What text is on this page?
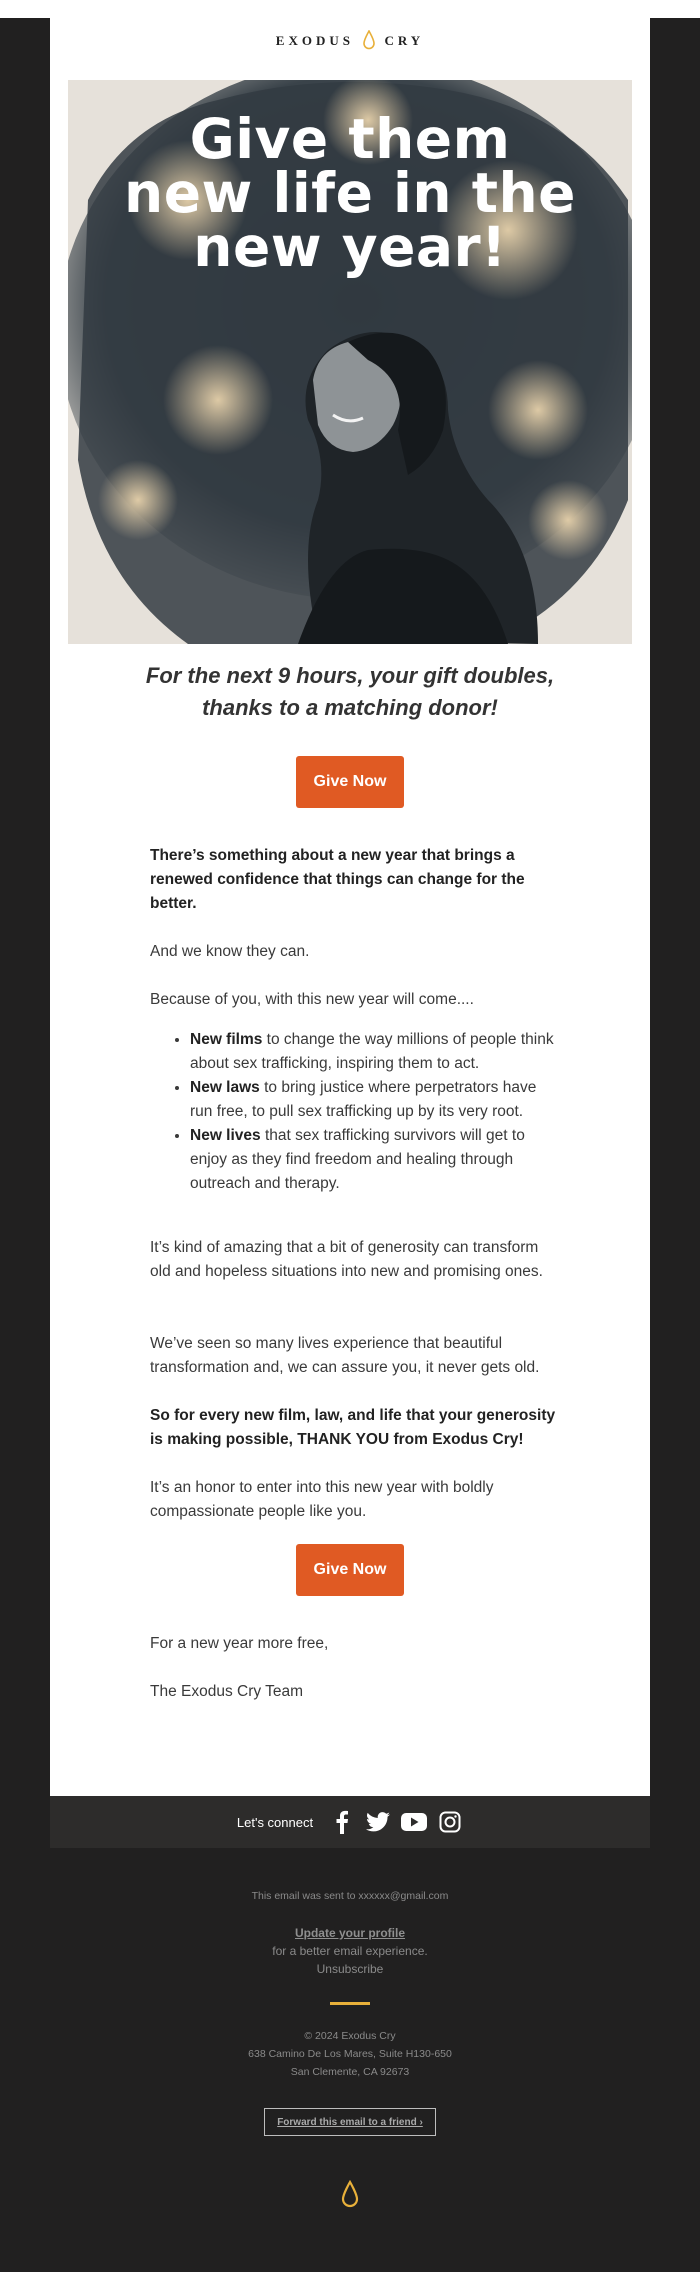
EXODUS CRY
Give them
new life in the
new year!
For the next 9 hours, your gift doubles,
thanks to a matching donor!
Give Now

There’s something about a new year that brings a renewed confidence that things can change for the better.

And we know they can.

Because of you, with this new year will come....

• New films to change the way millions of people think about sex trafficking, inspiring them to act.
• New laws to bring justice where perpetrators have run free, to pull sex trafficking up by its very root.
• New lives that sex trafficking survivors will get to enjoy as they find freedom and healing through outreach and therapy.

It’s kind of amazing that a bit of generosity can transform old and hopeless situations into new and promising ones.

We’ve seen so many lives experience that beautiful transformation and, we can assure you, it never gets old.

So for every new film, law, and life that your generosity is making possible, THANK YOU from Exodus Cry!

It’s an honor to enter into this new year with boldly compassionate people like you.

Give Now

For a new year more free,

The Exodus Cry Team

Let's connect
This email was sent to xxxxxx@gmail.com
Update your profile
for a better email experience.
Unsubscribe
© 2024 Exodus Cry
638 Camino De Los Mares, Suite H130-650
San Clemente, CA 92673
Forward this email to a friend ›
